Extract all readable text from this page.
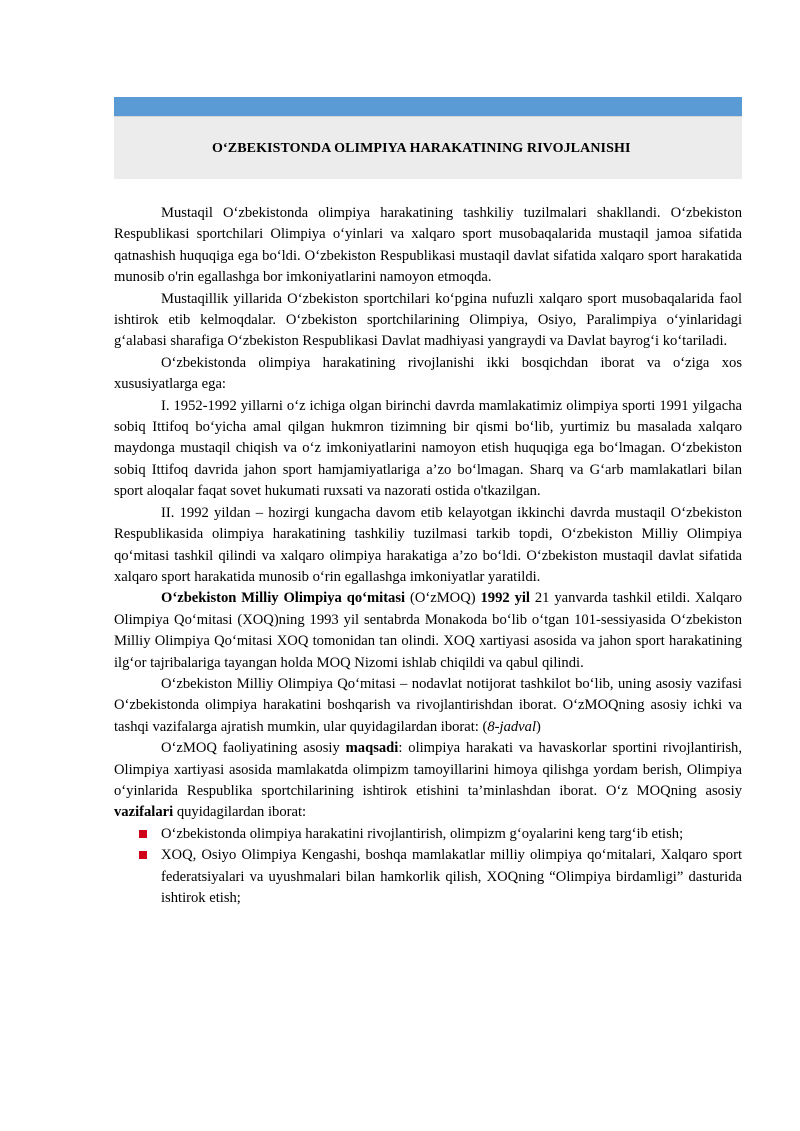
O‘ZBEKISTONDA OLIMPIYA HARAKATINING RIVOJLANISHI

Mustaqil O‘zbekistonda olimpiya harakatining tashkiliy tuzilmalari shakllandi. O‘zbekiston Respublikasi sportchilari Olimpiya o‘yinlari va xalqaro sport musobaqalarida mustaqil jamoa sifatida qatnashish huquqiga ega bo‘ldi. O‘zbekiston Respublikasi mustaqil davlat sifatida xalqaro sport harakatida munosib o'rin egallashga bor imkoniyatlarini namoyon etmoqda.

Mustaqillik yillarida O‘zbekiston sportchilari ko‘pgina nufuzli xalqaro sport musobaqalarida faol ishtirok etib kelmoqdalar. O‘zbekiston sportchilarining Olimpiya, Osiyo, Paralimpiya o‘yinlaridagi g‘alabasi sharafiga O‘zbekiston Respublikasi Davlat madhiyasi yangraydi va Davlat bayrog‘i ko‘tariladi.

O‘zbekistonda olimpiya harakatining rivojlanishi ikki bosqichdan iborat va o‘ziga xos xususiyatlarga ega:

I. 1952-1992 yillarni o‘z ichiga olgan birinchi davrda mamlakatimiz olimpiya sporti 1991 yilgacha sobiq Ittifoq bo‘yicha amal qilgan hukmron tizimning bir qismi bo‘lib, yurtimiz bu masalada xalqaro maydonga mustaqil chiqish va o‘z imkoniyatlarini namoyon etish huquqiga ega bo‘lmagan. O‘zbekiston sobiq Ittifoq davrida jahon sport hamjamiyatlariga a’zo bo‘lmagan. Sharq va G‘arb mamlakatlari bilan sport aloqalar faqat sovet hukumati ruxsati va nazorati ostida o'tkazilgan.

II. 1992 yildan – hozirgi kungacha davom etib kelayotgan ikkinchi davrda mustaqil O‘zbekiston Respublikasida olimpiya harakatining tashkiliy tuzilmasi tarkib topdi, O‘zbekiston Milliy Olimpiya qo‘mitasi tashkil qilindi va xalqaro olimpiya harakatiga a’zo bo‘ldi. O‘zbekiston mustaqil davlat sifatida xalqaro sport harakatida munosib o‘rin egallashga imkoniyatlar yaratildi.

O‘zbekiston Milliy Olimpiya qo‘mitasi (O‘zMOQ) 1992 yil 21 yanvarda tashkil etildi. Xalqaro Olimpiya Qo‘mitasi (XOQ)ning 1993 yil sentabrda Monakoda bo‘lib o‘tgan 101-sessiyasida O‘zbekiston Milliy Olimpiya Qo‘mitasi XOQ tomonidan tan olindi. XOQ xartiyasi asosida va jahon sport harakatining ilg‘or tajribalariga tayangan holda MOQ Nizomi ishlab chiqildi va qabul qilindi.

O‘zbekiston Milliy Olimpiya Qo‘mitasi – nodavlat notijorat tashkilot bo‘lib, uning asosiy vazifasi O‘zbekistonda olimpiya harakatini boshqarish va rivojlantirishdan iborat. O‘zMOQning asosiy ichki va tashqi vazifalarga ajratish mumkin, ular quyidagilardan iborat: (8-jadval)

O‘zMOQ faoliyatining asosiy maqsadi: olimpiya harakati va havaskorlar sportini rivojlantirish, Olimpiya xartiyasi asosida mamlakatda olimpizm tamoyillarini himoya qilishga yordam berish, Olimpiya o‘yinlarida Respublika sportchilarining ishtirok etishini ta’minlashdan iborat. O‘z MOQning asosiy vazifalari quyidagilardan iborat:

O‘zbekistonda olimpiya harakatini rivojlantirish, olimpizm g‘oyalarini keng targ‘ib etish;
XOQ, Osiyo Olimpiya Kengashi, boshqa mamlakatlar milliy olimpiya qo‘mitalari, Xalqaro sport federatsiyalari va uyushmalari bilan hamkorlik qilish, XOQning “Olimpiya birdamligi” dasturida ishtirok etish;
